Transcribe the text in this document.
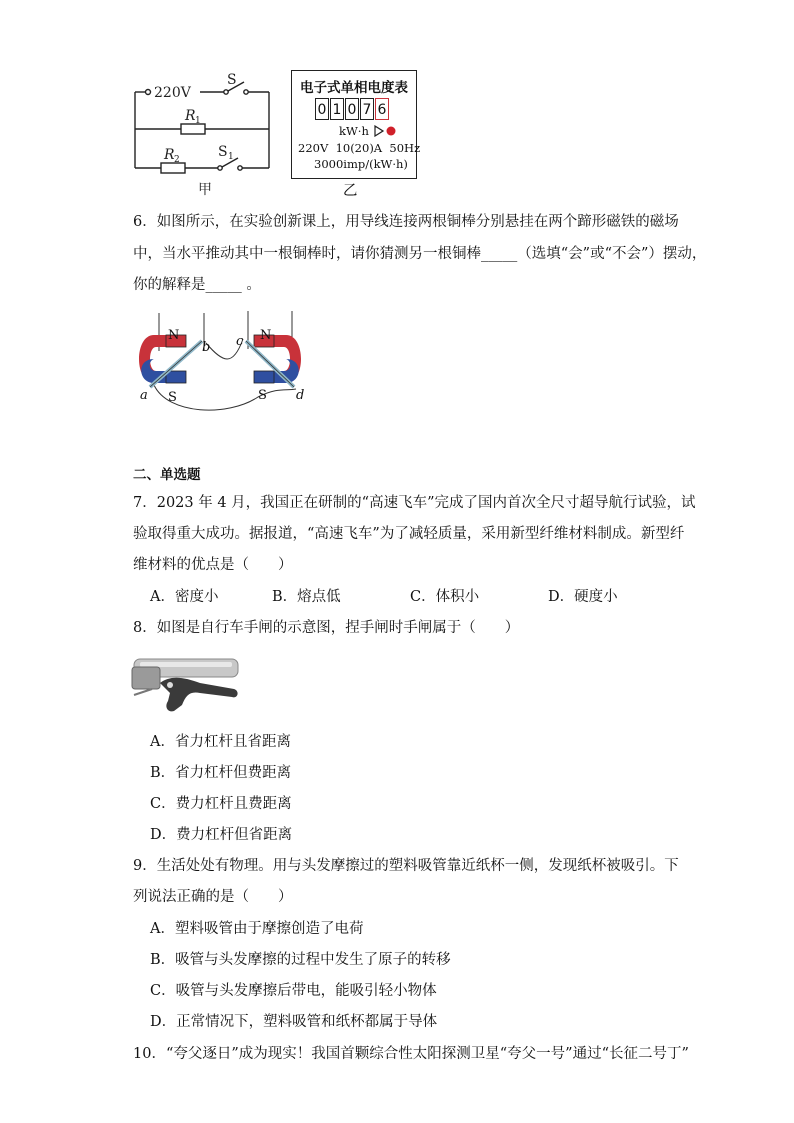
220V
S
R 1
R 2	S 1
甲
电子式单相电度表
0 1 0 7 6
kW·h
220V  10(20)A  50Hz
3000imp/(kW·h)
乙
6．如图所示，在实验创新课上，用导线连接两根铜棒分别悬挂在两个蹄形磁铁的磁场
中，当水平推动其中一根铜棒时，请你猜测另一根铜棒_____（选填“会”或“不会”）摆动，
你的解释是_____ 。
N	N
S	S
a
b c
d
二、单选题
7．2023 年 4 月，我国正在研制的“高速飞车”完成了国内首次全尺寸超导航行试验，试
验取得重大成功。据报道，“高速飞车”为了减轻质量，采用新型纤维材料制成。新型纤
维材料的优点是（　　）
A．密度小	B．熔点低	C．体积小	D．硬度小
8．如图是自行车手闸的示意图，捏手闸时手闸属于（　　）
A．省力杠杆且省距离
B．省力杠杆但费距离
C．费力杠杆且费距离
D．费力杠杆但省距离
9．生活处处有物理。用与头发摩擦过的塑料吸管靠近纸杯一侧，发现纸杯被吸引。下
列说法正确的是（　　）
A．塑料吸管由于摩擦创造了电荷
B．吸管与头发摩擦的过程中发生了原子的转移
C．吸管与头发摩擦后带电，能吸引轻小物体
D．正常情况下，塑料吸管和纸杯都属于导体
10．“夸父逐日”成为现实！我国首颗综合性太阳探测卫星“夸父一号”通过“长征二号丁”
